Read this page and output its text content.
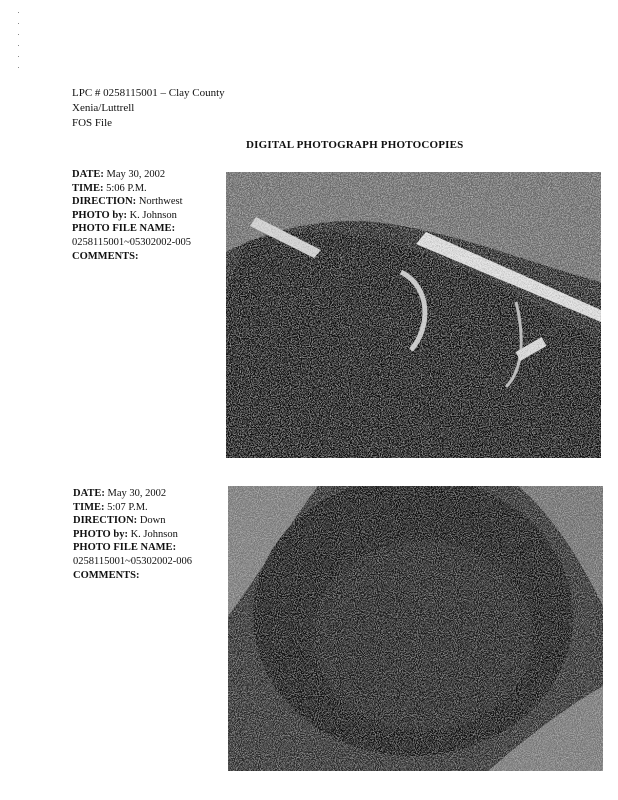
LPC # 0258115001 – Clay County
Xenia/Luttrell
FOS File
DIGITAL PHOTOGRAPH PHOTOCOPIES
DATE: May 30, 2002
TIME: 5:06 P.M.
DIRECTION: Northwest
PHOTO by: K. Johnson
PHOTO FILE NAME:
0258115001~05302002-005
COMMENTS:
DATE: May 30, 2002
TIME: 5:07 P.M.
DIRECTION: Down
PHOTO by: K. Johnson
PHOTO FILE NAME:
0258115001~05302002-006
COMMENTS:
